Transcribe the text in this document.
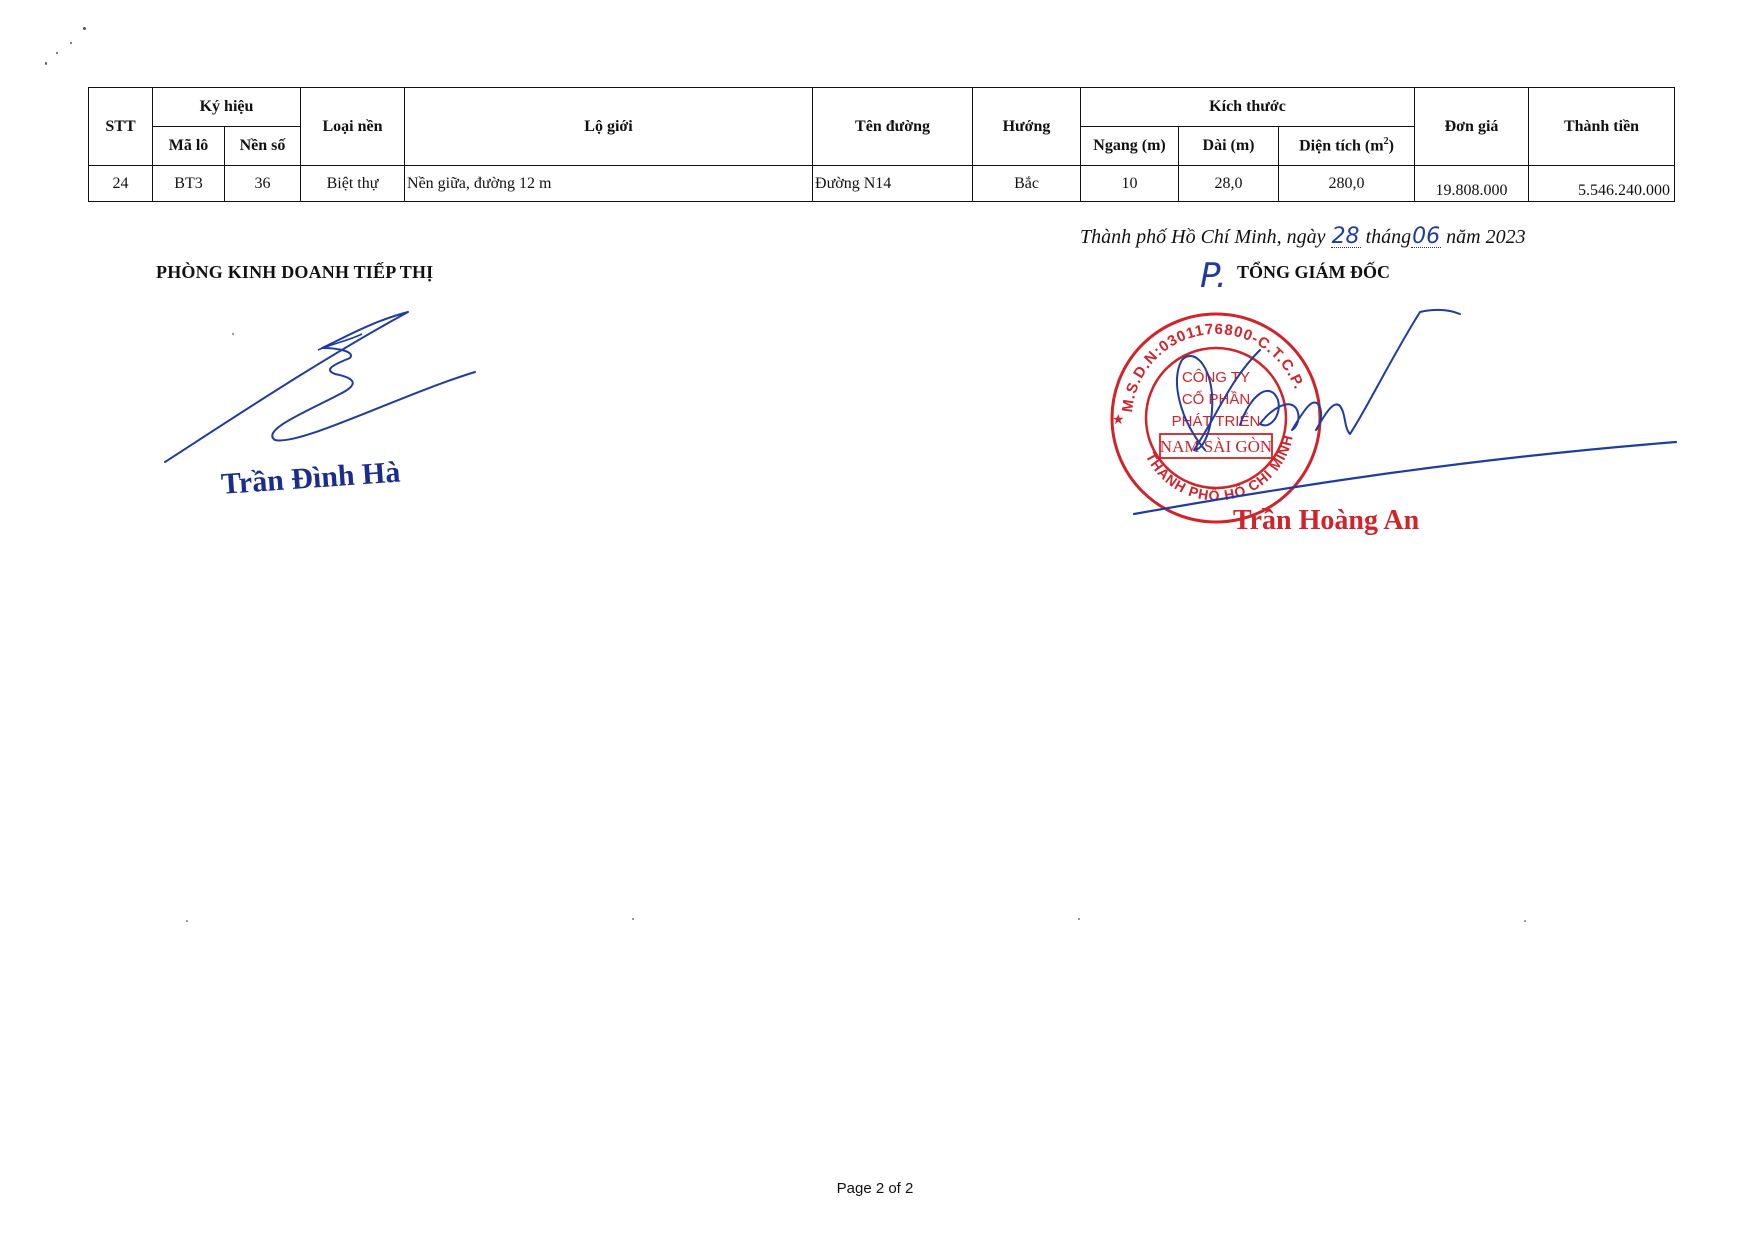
STT	Ký hiệu		Loại nền	Lộ giới	Tên đường	Hướng	Kích thước			Đơn giá	Thành tiền
	Mã lô	Nền số					Ngang (m)	Dài (m)	Diện tích $(m^2)$		
24	BT3	36	Biệt thự	Nền giữa, đường 12 m	Đường N14	Bắc	10	28,0	280,0	19.808.000	5.546.240.000
Thành phố Hồ Chí Minh, ngày 28 tháng06 năm 2023
PHÒNG KINH DOANH TIẾP THỊ	P. TỔNG GIÁM ĐỐC
Trần Đình Hà
M.S.D.N:0301176800-C.T.C.P.
THÀNH PHỐ HỒ CHÍ MINH
★
CÔNG TY
CỔ PHẦN
PHÁT TRIỂN
NAM SÀI GÒN
Trần Hoàng An
Page 2 of 2
